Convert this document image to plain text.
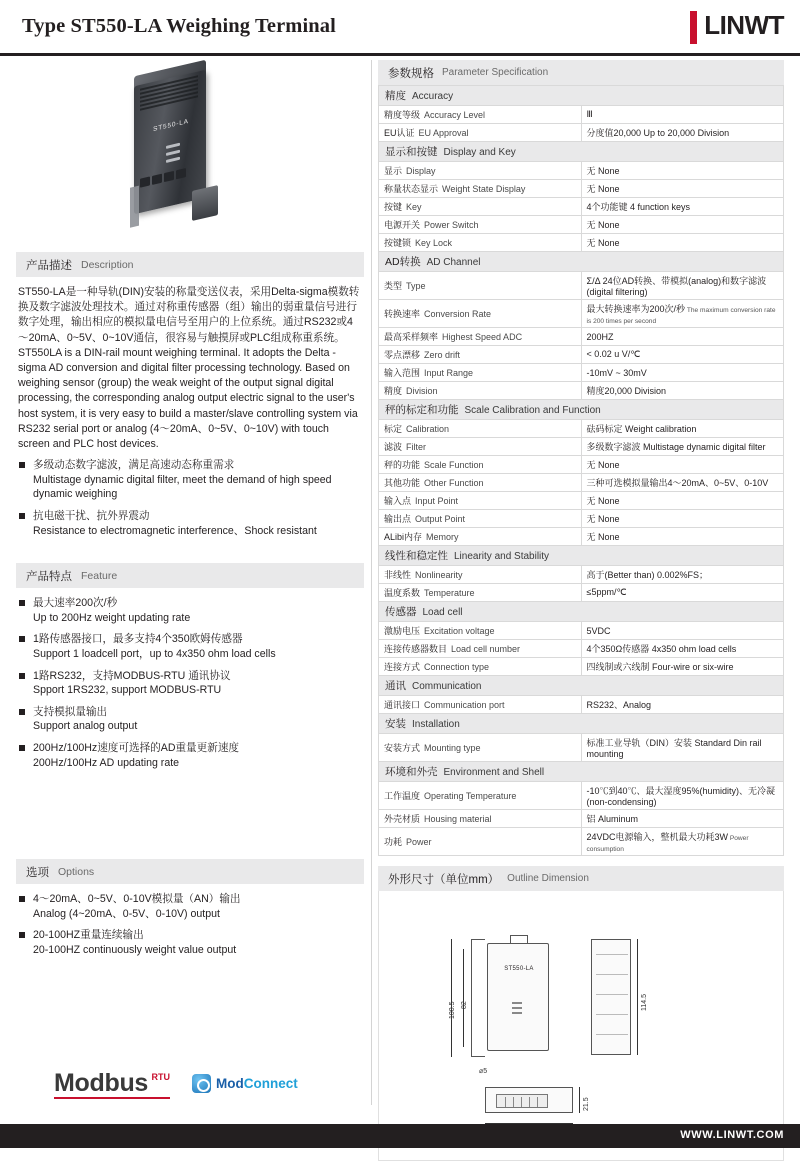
Type ST550-LA Weighing Terminal	LINWT
ST550-LA
产品描述 Description

ST550-LA是一种导轨(DIN)安装的称量变送仪表，采用Delta-sigma模数转换及数字滤波处理技术。通过对称重传感器（组）输出的弱重量信号进行数字处理，输出相应的模拟量电信号至用户的上位系统。通过RS232或4～20mA、0~5V、0~10V通信，很容易与触摸屏或PLC组成称重系统。

ST550LA is a DIN-rail mount weighing terminal. It adopts the Delta - sigma AD conversion and digital filter processing technology. Based on weighing sensor (group) the weak weight of the output signal digital processing, the corresponding analog output electric signal to the user's host system, it is very easy to build a master/slave controlling system via RS232 serial port or analog (4～20mA、0~5V、0~10V) with touch screen and PLC host devices.

多级动态数字滤波，满足高速动态称重需求
Multistage dynamic digital filter, meet the demand of high speed dynamic weighing
抗电磁干扰、抗外界震动
Resistance to electromagnetic interference、Shock resistant
产品特点 Feature
最大速率200次/秒
Up to 200Hz weight updating rate
1路传感器接口，最多支持4个350欧姆传感器
Support 1 loadcell port，up to 4x350 ohm load cells
1路RS232，支持MODBUS-RTU 通讯协议
Spport 1RS232, support MODBUS-RTU
支持模拟量输出
Support analog output
200Hz/100Hz速度可选择的AD重量更新速度
200Hz/100Hz AD updating rate
选项 Options
4～20mA、0~5V、0-10V模拟量（AN）输出
Analog (4~20mA、0-5V、0-10V) output
20-100HZ重量连续输出
20-100HZ continuously weight value output
Modbus RTU	ModConnect
参数规格 Parameter Specification
精度 Accuracy	
精度等级 Accuracy Level	Ⅲ
EU认证 EU Approval	分度值20,000 Up to 20,000 Division
显示和按键 Display and Key	
显示 Display	无 None
称量状态显示 Weight State Display	无 None
按键 Key	4个功能键 4 function keys
电源开关 Power Switch	无 None
按键锁 Key Lock	无 None
AD转换 AD Channel	
类型 Type	Σ/Δ 24位AD转换、带模拟(analog)和数字滤波(digital filtering)
转换速率 Conversion Rate	最大转换速率为200次/秒 The maximum conversion rate is 200 times per second
最高采样频率 Highest Speed ADC	200HZ
零点漂移 Zero drift	< 0.02 u V/℃
输入范围 Input Range	-10mV ~ 30mV
精度 Division	精度20,000 Division
秤的标定和功能 Scale Calibration and Function	
标定 Calibration	砝码标定 Weight calibration
滤波 Filter	多级数字滤波 Multistage dynamic digital filter
秤的功能 Scale Function	无 None
其他功能 Other Function	三种可选模拟量输出4～20mA、0~5V、0-10V
输入点 Input Point	无 None
输出点 Output Point	无 None
ALibi内存 Memory	无 None
线性和稳定性 Linearity and Stability	
非线性 Nonlinearity	高于(Better than) 0.002%FS；
温度系数 Temperature	≤5ppm/℃
传感器 Load cell	
激励电压 Excitation voltage	5VDC
连接传感器数目 Load cell number	4个350Ω传感器 4x350 ohm load cells
连接方式 Connection type	四线制或六线制 Four-wire or six-wire
通讯 Communication	
通讯接口 Communication port	RS232、Analog
安装 Installation	
安装方式 Mounting type	标准工业导轨（DIN）安装 Standard Din rail mounting
环境和外壳 Environment and Shell	
工作温度 Operating Temperature	-10℃到40℃、最大湿度95%(humidity)、无冷凝(non-condensing)
外壳材质 Housing material	铝 Aluminum
功耗 Power	24VDC电源输入，整机最大功耗3W Power consumption
外形尺寸（单位mm） Outline Dimension
ST550-LA
100.5 82	114.5
21.5
⌀5
WWW.LINWT.COM
